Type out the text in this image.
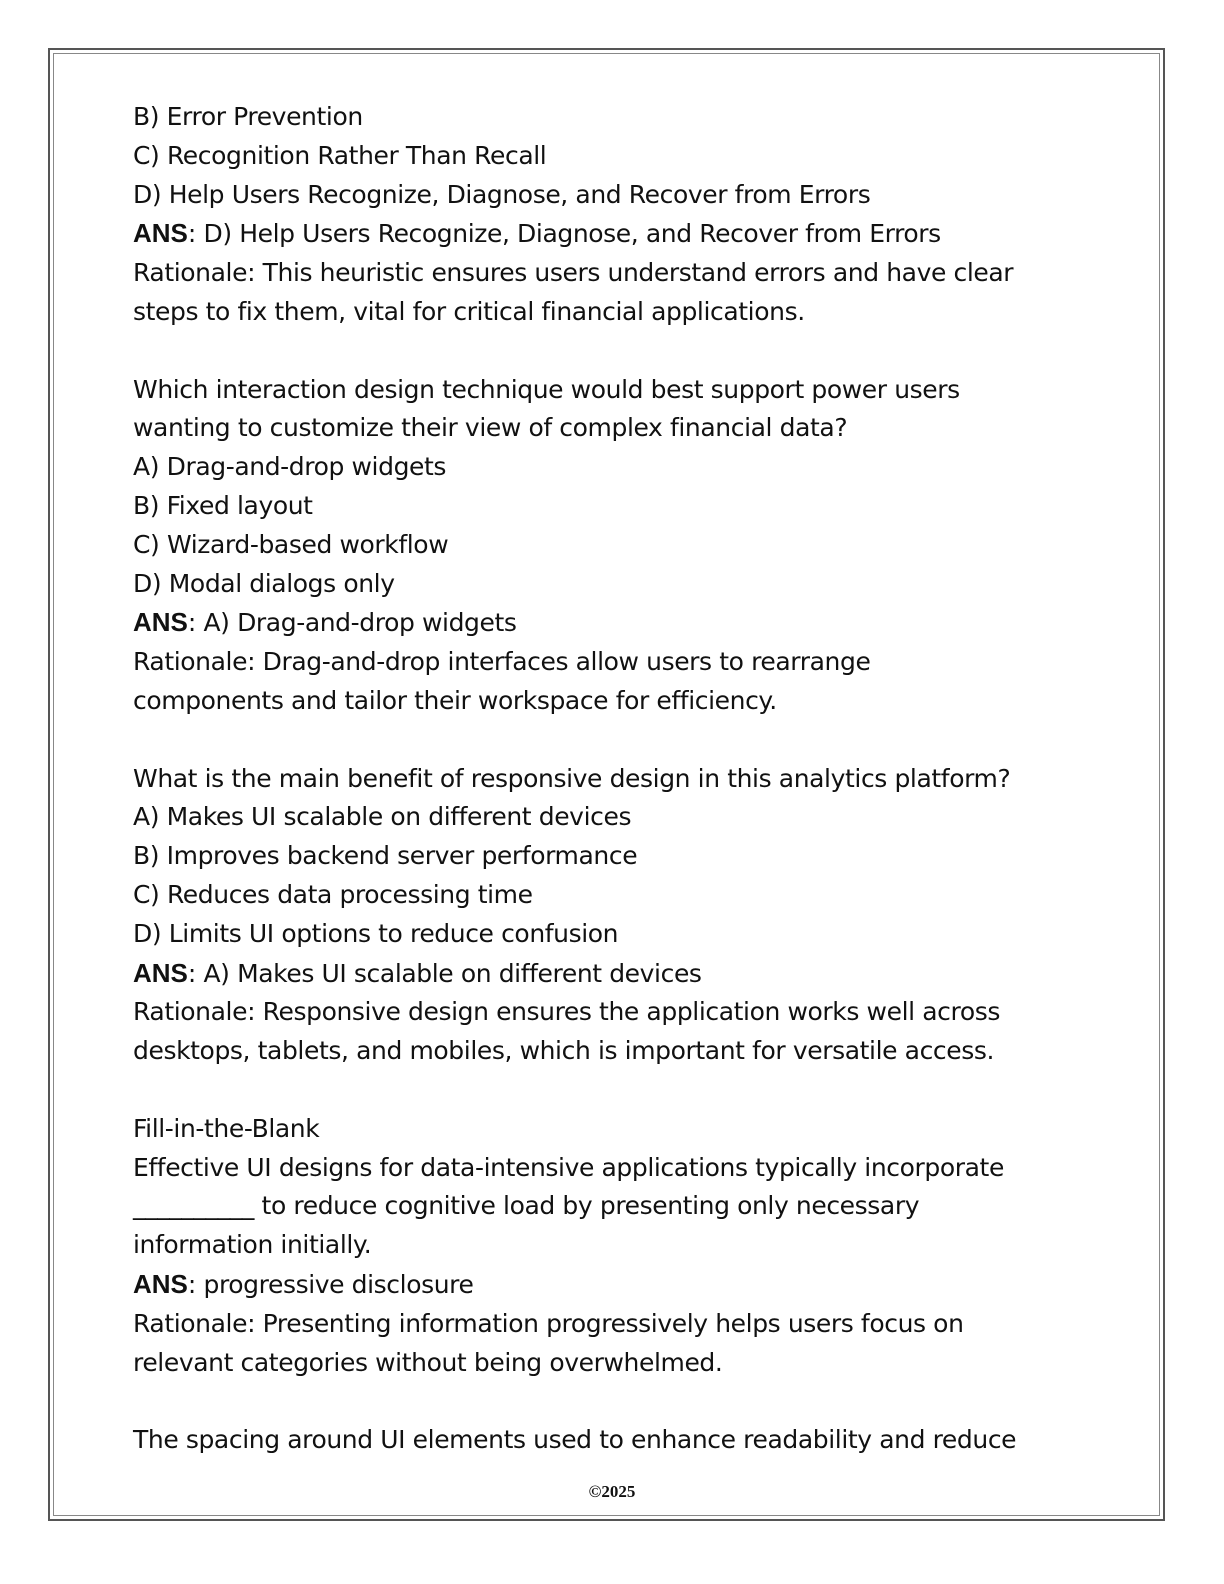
B) Error Prevention
C) Recognition Rather Than Recall
D) Help Users Recognize, Diagnose, and Recover from Errors
ANS: D) Help Users Recognize, Diagnose, and Recover from Errors
Rationale: This heuristic ensures users understand errors and have clear
steps to fix them, vital for critical financial applications.
Which interaction design technique would best support power users
wanting to customize their view of complex financial data?
A) Drag-and-drop widgets
B) Fixed layout
C) Wizard-based workflow
D) Modal dialogs only
ANS: A) Drag-and-drop widgets
Rationale: Drag-and-drop interfaces allow users to rearrange
components and tailor their workspace for efficiency.
What is the main benefit of responsive design in this analytics platform?
A) Makes UI scalable on different devices
B) Improves backend server performance
C) Reduces data processing time
D) Limits UI options to reduce confusion
ANS: A) Makes UI scalable on different devices
Rationale: Responsive design ensures the application works well across
desktops, tablets, and mobiles, which is important for versatile access.
Fill-in-the-Blank
Effective UI designs for data-intensive applications typically incorporate
__________ to reduce cognitive load by presenting only necessary
information initially.
ANS: progressive disclosure
Rationale: Presenting information progressively helps users focus on
relevant categories without being overwhelmed.
The spacing around UI elements used to enhance readability and reduce
©2025
